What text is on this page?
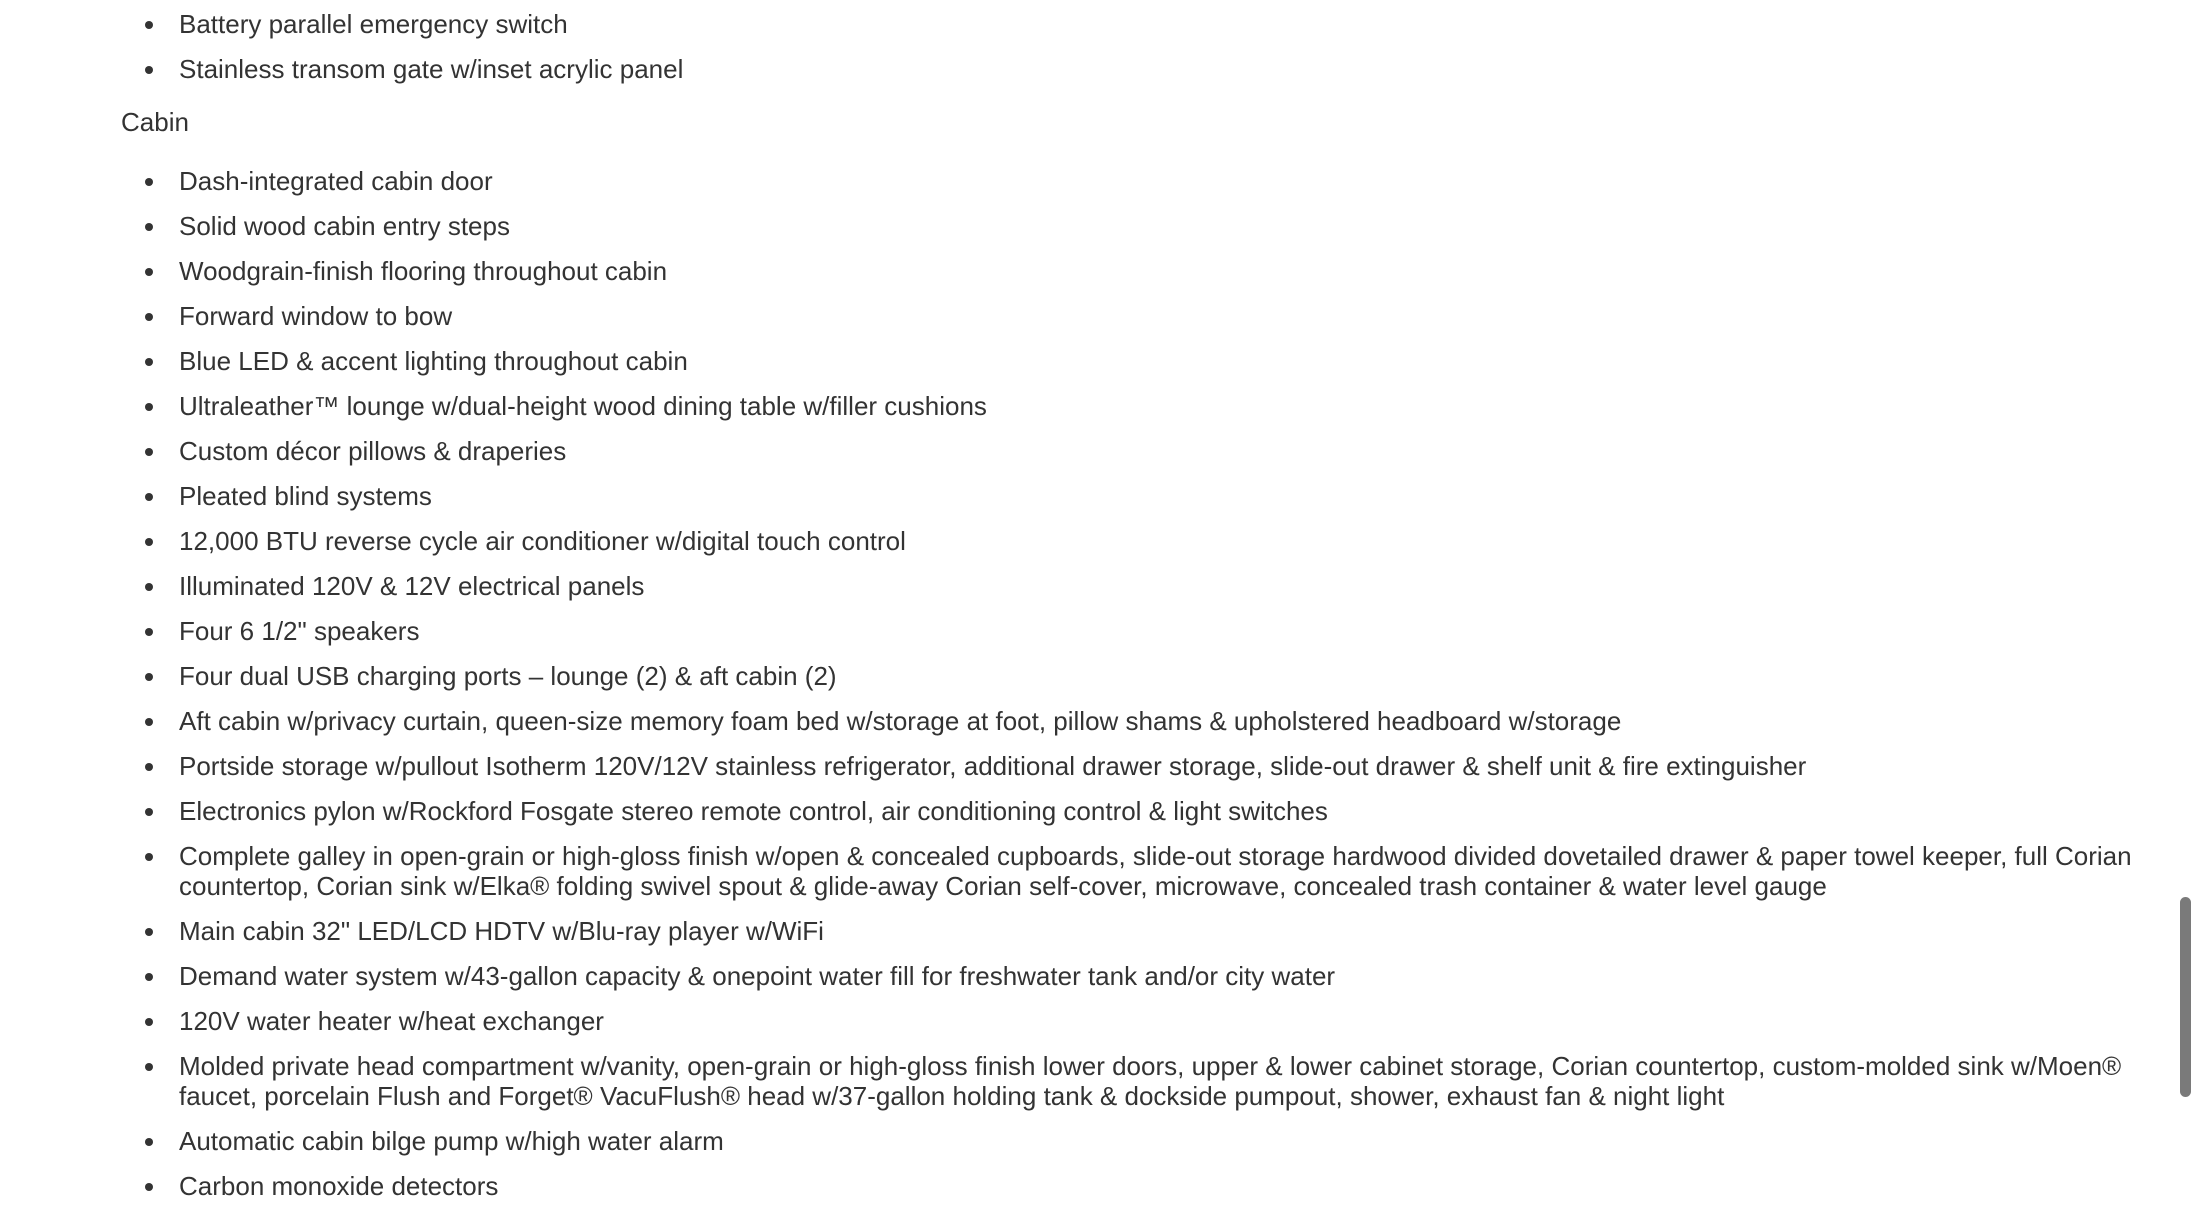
Battery parallel emergency switch
Stainless transom gate w/inset acrylic panel
Cabin
Dash-integrated cabin door
Solid wood cabin entry steps
Woodgrain-finish flooring throughout cabin
Forward window to bow
Blue LED & accent lighting throughout cabin
Ultraleather™ lounge w/dual-height wood dining table w/filler cushions
Custom décor pillows & draperies
Pleated blind systems
12,000 BTU reverse cycle air conditioner w/digital touch control
Illuminated 120V & 12V electrical panels
Four 6 1/2" speakers
Four dual USB charging ports – lounge (2) & aft cabin (2)
Aft cabin w/privacy curtain, queen-size memory foam bed w/storage at foot, pillow shams & upholstered headboard w/storage
Portside storage w/pullout Isotherm 120V/12V stainless refrigerator, additional drawer storage, slide-out drawer & shelf unit & fire extinguisher
Electronics pylon w/Rockford Fosgate stereo remote control, air conditioning control & light switches
Complete galley in open-grain or high-gloss finish w/open & concealed cupboards, slide-out storage hardwood divided dovetailed drawer & paper towel keeper, full Corian countertop, Corian sink w/Elka® folding swivel spout & glide-away Corian self-cover, microwave, concealed trash container & water level gauge
Main cabin 32" LED/LCD HDTV w/Blu-ray player w/WiFi
Demand water system w/43-gallon capacity & onepoint water fill for freshwater tank and/or city water
120V water heater w/heat exchanger
Molded private head compartment w/vanity, open-grain or high-gloss finish lower doors, upper & lower cabinet storage, Corian countertop, custom-molded sink w/Moen® faucet, porcelain Flush and Forget® VacuFlush® head w/37-gallon holding tank & dockside pumpout, shower, exhaust fan & night light
Automatic cabin bilge pump w/high water alarm
Carbon monoxide detectors
